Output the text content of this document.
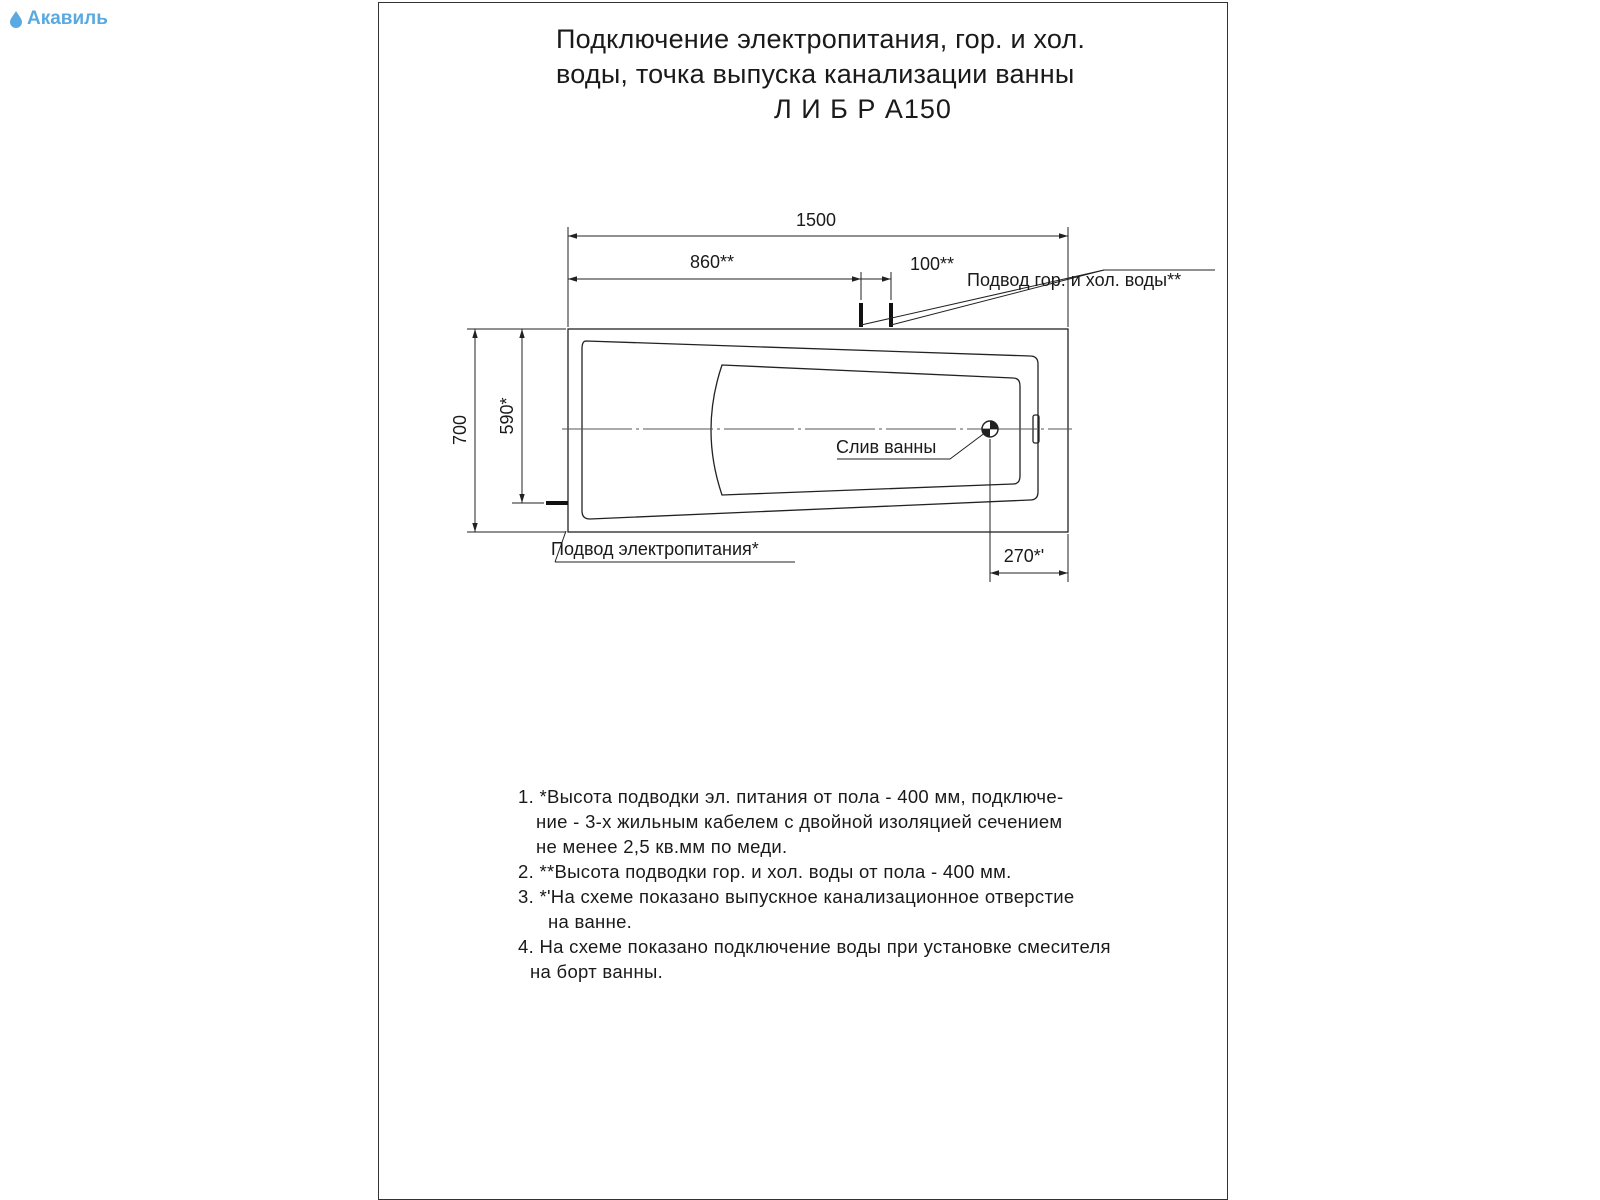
Акавиль
Подключение электропитания, гор. и хол.
воды, точка выпуска канализации ванны
Л И Б Р А150
1500
860**	100**
700 590*
270*'
Подвод гор. и хол. воды**
Слив ванны
Подвод электропитания*
1. *Высота подводки эл. питания от пола - 400 мм, подключе-
ние - 3-х жильным кабелем с двойной изоляцией сечением
не менее 2,5 кв.мм по меди.
2. **Высота подводки гор. и хол. воды от пола - 400 мм.
3. *'На схеме показано выпускное канализационное отверстие
на ванне.
4. На схеме показано подключение воды при установке смесителя
на борт ванны.
